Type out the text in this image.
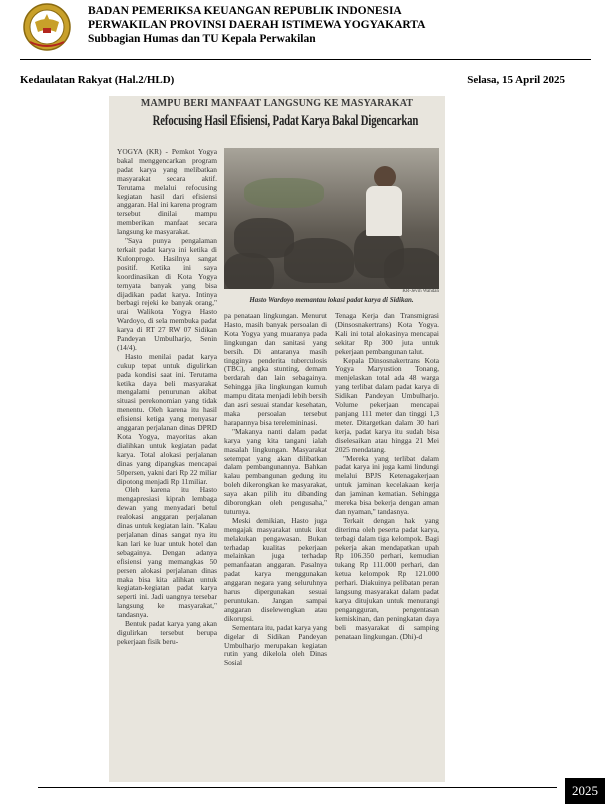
BADAN PEMERIKSA KEUANGAN REPUBLIK INDONESIA
PERWAKILAN PROVINSI DAERAH ISTIMEWA YOGYAKARTA
Subbagian Humas dan TU Kepala Perwakilan
Kedaulatan Rakyat (Hal.2/HLD)	Selasa, 15 April 2025
MAMPU BERI MANFAAT LANGSUNG KE MASYARAKAT
Refocusing Hasil Efisiensi, Padat Karya Bakal Digencarkan

YOGYA (KR) - Pemkot Yogya bakal menggencarkan program padat karya yang melibatkan masyarakat secara aktif. Terutama melalui refocusing kegiatan hasil dari efisiensi anggaran. Hal ini karena program tersebut dinilai mampu memberikan manfaat secara langsung ke masyarakat.

"Saya punya pengalaman terkait padat karya ini ketika di Kulonprogo. Hasilnya sangat positif. Ketika ini saya koordinasikan di Kota Yogya ternyata banyak yang bisa dijadikan padat karya. Intinya berbagi rejeki ke banyak orang," urai Walikota Yogya Hasto Wardoyo, di sela membuka padat karya di RT 27 RW 07 Sidikan Pandeyan Umbulharjo, Senin (14/4).

Hasto menilai padat karya cukup tepat untuk digulirkan pada kondisi saat ini. Terutama ketika daya beli masyarakat mengalami penurunan akibat situasi perekonomian yang tidak menentu. Oleh karena itu hasil efisiensi ketiga yang menyasar anggaran perjalanan dinas DPRD Kota Yogya, mayoritas akan dialihkan untuk kegiatan padat karya. Total alokasi perjalanan dinas yang dipangkas mencapai 50persen, yakni dari Rp 22 miliar dipotong menjadi Rp 11miliar.

Oleh karena itu Hasto mengapresiasi kiprah lembaga dewan yang menyadari betul realokasi anggaran perjalanan dinas untuk kegiatan lain. "Kalau perjalanan dinas sangat nya itu kan lari ke luar untuk hotel dan sebagainya. Dengan adanya efisiensi yang memangkas 50 persen alokasi perjalanan dinas maka bisa kita alihkan untuk kegiatan-kegiatan padat karya seperti ini. Jadi uangnya tersebar langsung ke masyarakat," tandasnya.

Bentuk padat karya yang akan digulirkan tersebut berupa pekerjaan fisik beru-

KR-Jevih Wahdan
Hasto Wardoyo memantau lokasi padat karya di Sidikan.

pa penataan lingkungan. Menurut Hasto, masih banyak persoalan di Kota Yogya yang muaranya pada lingkungan dan sanitasi yang bersih. Di antaranya masih tingginya penderita tuberculosis (TBC), angka stunting, demam berdarah dan lain sebagainya. Sehingga jika lingkungan kumuh mampu ditata menjadi lebih bersih dan asri sesuai standar kesehatan, maka persoalan tersebut harapannya bisa terelemininasi.

"Makanya nanti dalam padat karya yang kita tangani ialah masalah lingkungan. Masyarakat setempat yang akan dilibatkan dalam pembangunannya. Bahkan kalau pembangunan gedung itu boleh dikerongkan ke masyarakat, saya akan pilih itu dibanding diborongkan oleh pengusaha," tuturnya.

Meski demikian, Hasto juga mengajak masyarakat untuk ikut melakukan pengawasan. Bukan terhadap kualitas pekerjaan melainkan juga terhadap pemanfaatan anggaran. Pasalnya padat karya menggunakan anggaran negara yang seluruhnya harus dipergunakan sesuai peruntukan. Jangan sampai anggaran diselewengkan atau dikorupsi.

Sementara itu, padat karya yang digelar di Sidikan Pandeyan Umbulharjo merupakan kegiatan rutin yang dikelola oleh Dinas Sosial

Tenaga Kerja dan Transmigrasi (Dinsosnakertrans) Kota Yogya. Kali ini total alokasinya mencapai sekitar Rp 300 juta untuk pekerjaan pembangunan talut.

Kepala Dinsosnakertrans Kota Yogya Maryustion Tonang, menjelaskan total ada 48 warga yang terlibat dalam padat karya di Sidikan Pandeyan Umbulharjo. Volume pekerjaan mencapai panjang 111 meter dan tinggi 1,3 meter. Ditargetkan dalam 30 hari kerja, padat karya itu sudah bisa diselesaikan atau hingga 21 Mei 2025 mendatang.

"Mereka yang terlibat dalam padat karya ini juga kami lindungi melalui BPJS Ketenagakerjaan untuk jaminan kecelakaan kerja dan jaminan kematian. Sehingga mereka bisa bekerja dengan aman dan nyaman," tandasnya.

Terkait dengan hak yang diterima oleh peserta padat karya, terbagi dalam tiga kelompok. Bagi pekerja akan mendapatkan upah Rp 106.350 perhari, kemudian tukang Rp 111.000 perhari, dan ketua kelompok Rp 121.000 perhari. Diakuinya pelibatan peran langsung masyarakat dalam padat karya ditujukan untuk menurangi pengangguran, pengentasan kemiskinan, dan peningkatan daya beli masyarakat di samping penataan lingkungan. (Dhi)-d

2025
